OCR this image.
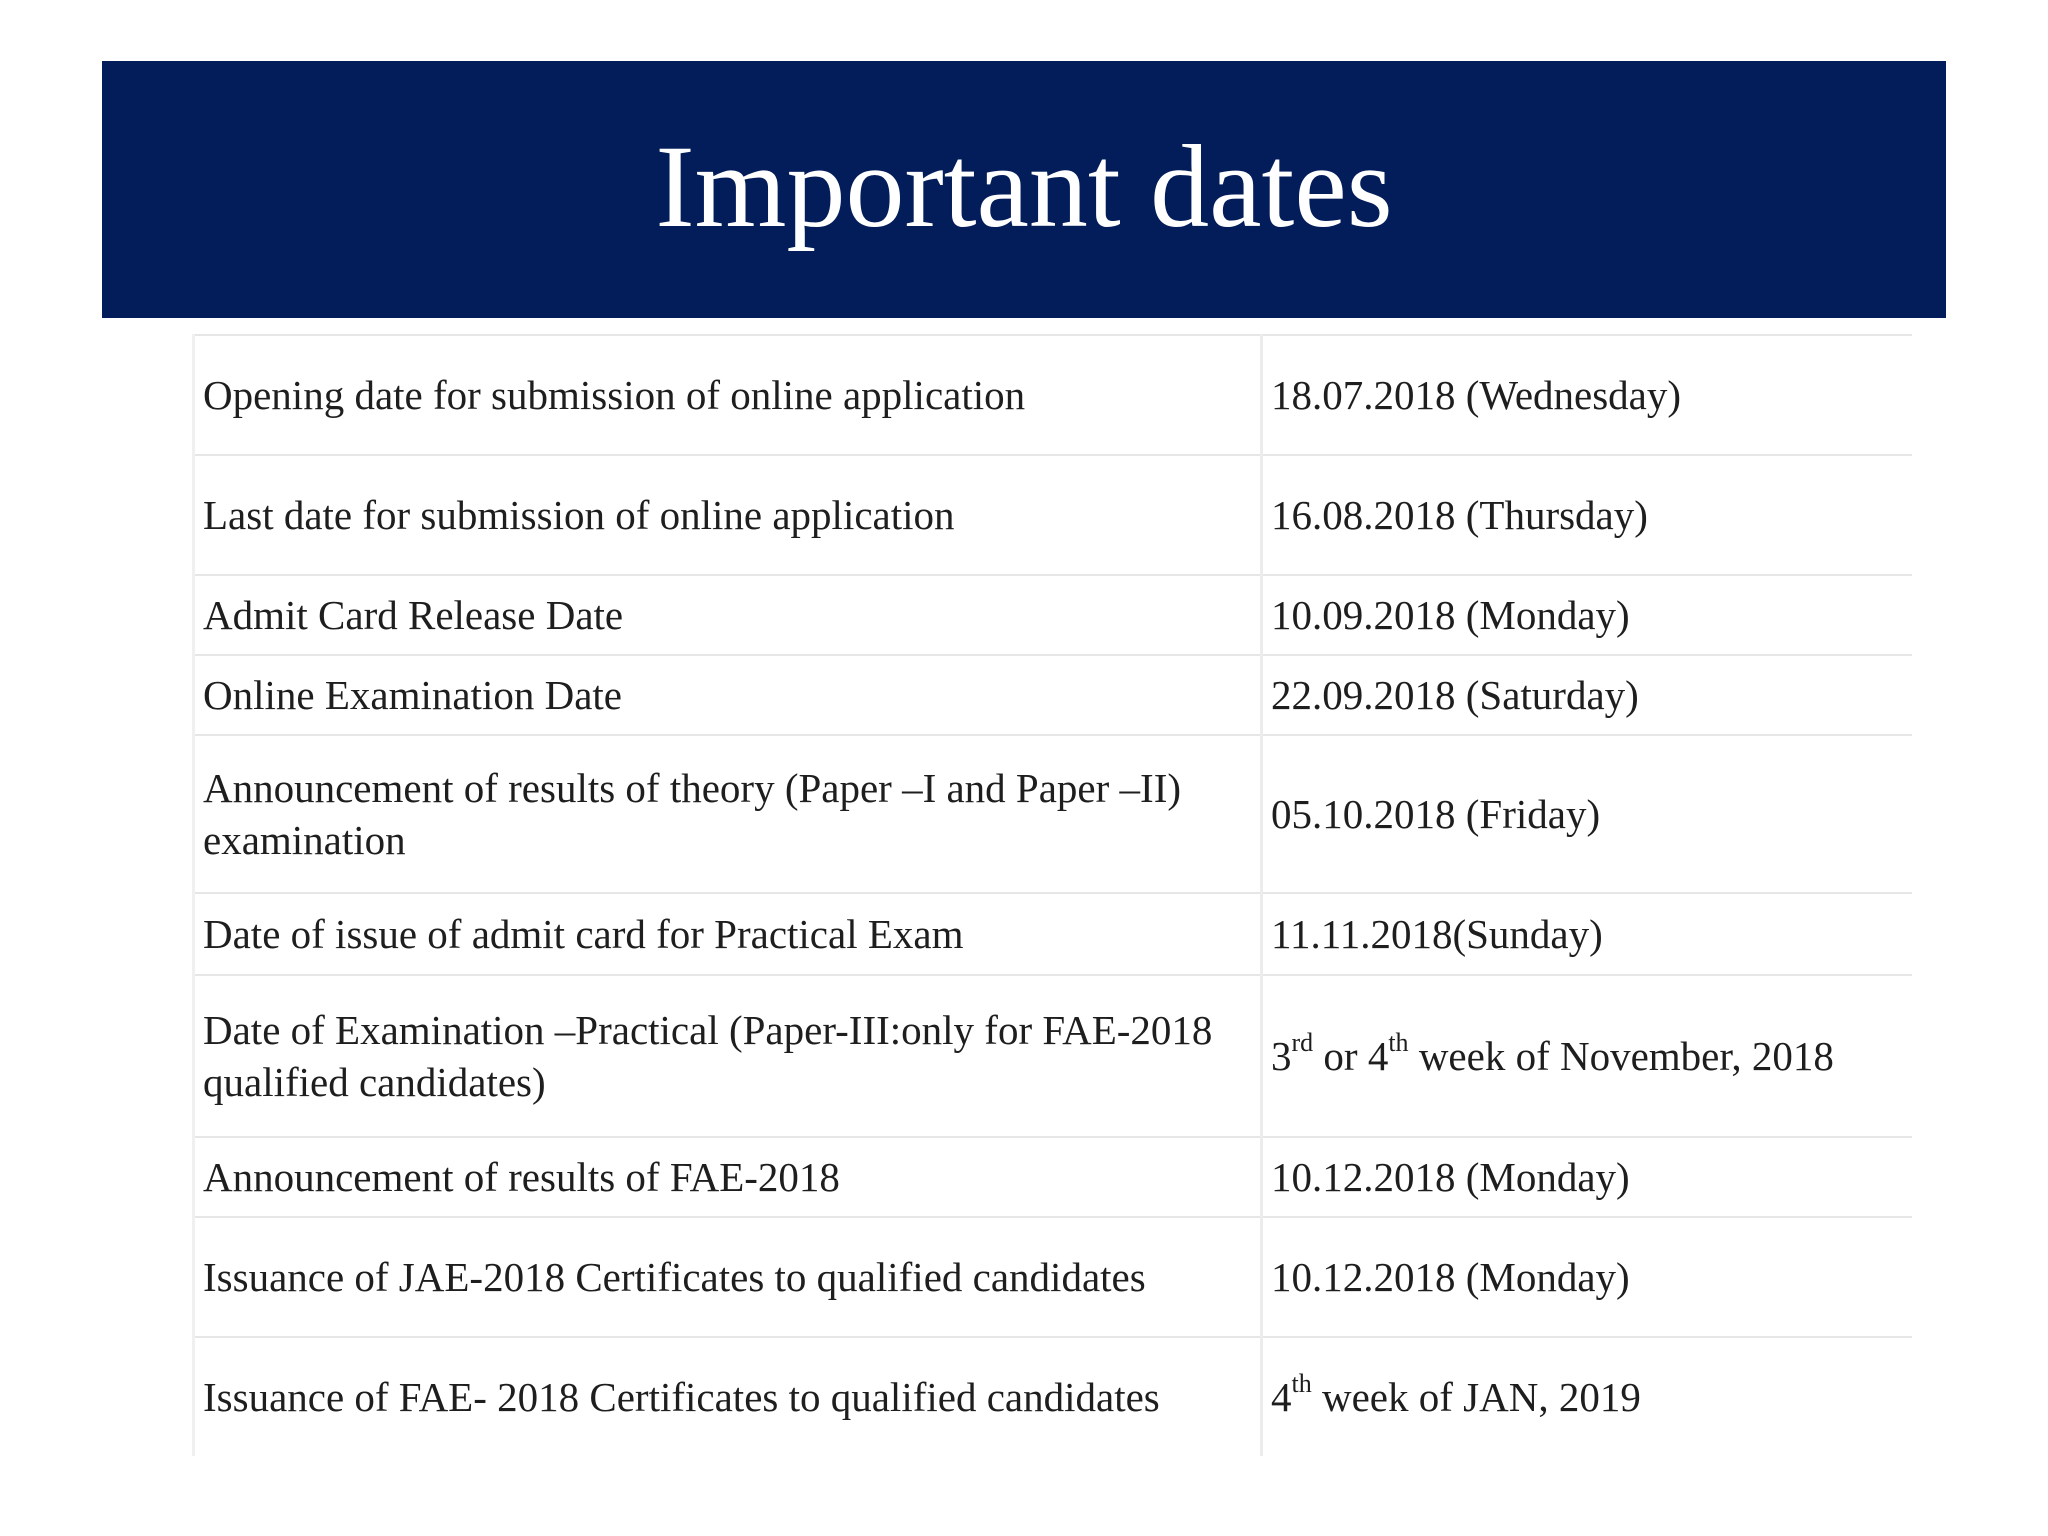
Important dates
Opening date for submission of online application	18.07.2018 (Wednesday)
Last date for submission of online application	16.08.2018 (Thursday)
Admit Card Release Date	10.09.2018 (Monday)
Online Examination Date	22.09.2018 (Saturday)
Announcement of results of theory (Paper –I and Paper –II) examination	05.10.2018 (Friday)
Date of issue of admit card for Practical Exam	11.11.2018(Sunday)
Date of Examination –Practical (Paper-III:only for FAE-2018 qualified candidates)	3rd or 4th week of November, 2018
Announcement of results of FAE-2018	10.12.2018 (Monday)
Issuance of JAE-2018 Certificates to qualified candidates	10.12.2018 (Monday)
Issuance of FAE- 2018 Certificates to qualified candidates	4th week of JAN, 2019
